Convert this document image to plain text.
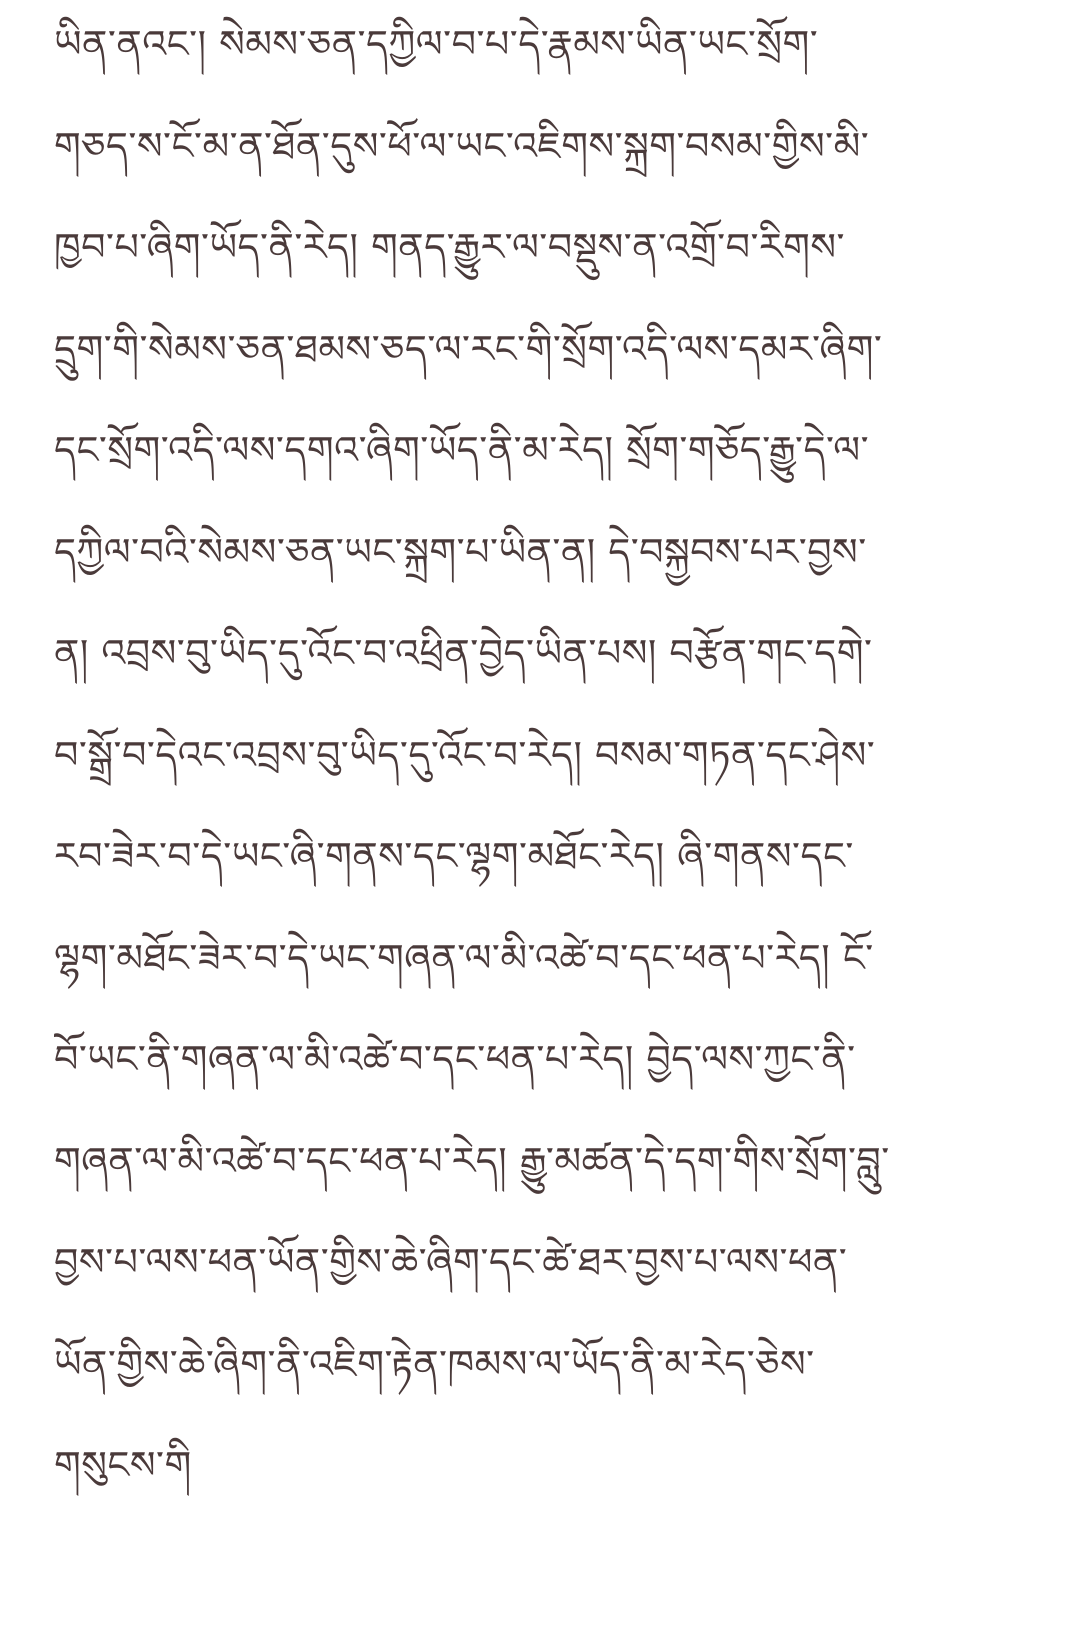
ཡིན་ནའང་། སེམས་ཅན་དཀྱིལ་བ་པ་དེ་རྣམས་ཡིན་ཡང་སྲོག་
གཅད་ས་ངོ་མ་ན་ཐོན་དུས་ཕོ་ལ་ཡང་འཇིགས་སྐྲག་བསམ་གྱིས་མི་
ཁྱབ་པ་ཞིག་ཡོད་ནི་རེད། གནད་རྒྱུར་ལ་བསྡུས་ན་འགྲོ་བ་རིགས་
དྲུག་གི་སེམས་ཅན་ཐམས་ཅད་ལ་རང་གི་སྲོག་འདི་ལས་དམར་ཞིག་
དང་སྲོག་འདི་ལས་དགའ་ཞིག་ཡོད་ནི་མ་རེད། སྲོག་གཅོད་རྒྱུ་དེ་ལ་
དཀྱིལ་བའི་སེམས་ཅན་ཡང་སྐྲག་པ་ཡིན་ན། དེ་བསྐྱབས་པར་བྱས་
ན། འབྲས་བུ་ཡིད་དུ་འོང་བ་འཕྲིན་བྱེད་ཡིན་པས། བརྩོན་གང་དགེ་
བ་སྒྲོ་བ་དེའང་འབྲས་བུ་ཡིད་དུ་འོང་བ་རེད། བསམ་གཏན་དང་ཤེས་
རབ་ཟེར་བ་དེ་ཡང་ཞི་གནས་དང་ལྷག་མཐོང་རེད། ཞི་གནས་དང་
ལྷག་མཐོང་ཟེར་བ་དེ་ཡང་གཞན་ལ་མི་འཚེ་བ་དང་ཕན་པ་རེད། ངོ་
བོ་ཡང་ནི་གཞན་ལ་མི་འཚེ་བ་དང་ཕན་པ་རེད། བྱེད་ལས་ཀྱང་ནི་
གཞན་ལ་མི་འཚེ་བ་དང་ཕན་པ་རེད། རྒྱུ་མཚན་དེ་དག་གིས་སྲོག་བླུ་
བྱས་པ་ལས་ཕན་ཡོན་གྱིས་ཆེ་ཞིག་དང་ཚེ་ཐར་བྱས་པ་ལས་ཕན་
ཡོན་གྱིས་ཆེ་ཞིག་ནི་འཇིག་རྟེན་ཁམས་ལ་ཡོད་ནི་མ་རེད་ཅེས་
གསུངས་གི
